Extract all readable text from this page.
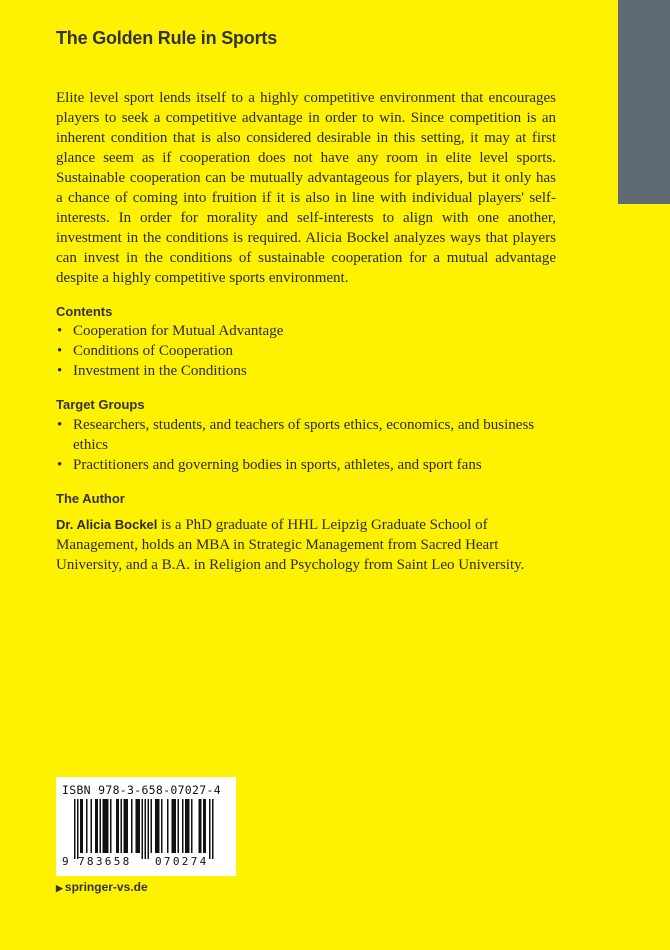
The Golden Rule in Sports

Elite level sport lends itself to a highly competitive environment that encourages players to seek a competitive advantage in order to win. Since competition is an inherent condition that is also considered desirable in this setting, it may at first glance seem as if cooperation does not have any room in elite level sports. Sustainable cooperation can be mutually advantageous for players, but it only has a chance of coming into fruition if it is also in line with individual players' self-interests. In order for morality and self-interests to align with one another, investment in the conditions is required. Alicia Bockel analyzes ways that players can invest in the conditions of sustainable cooperation for a mutual advantage despite a highly competitive sports environment.

Contents
• Cooperation for Mutual Advantage
• Conditions of Cooperation
• Investment in the Conditions
Target Groups
• Researchers, students, and teachers of sports ethics, economics, and business ethics
• Practitioners and governing bodies in sports, athletes, and sport fans
The Author

Dr. Alicia Bockel is a PhD graduate of HHL Leipzig Graduate School of Management, holds an MBA in Strategic Management from Sacred Heart University, and a B.A. in Religion and Psychology from Saint Leo University.

ISBN 978-3-658-07027-4
9 783658 070274
▶ springer-vs.de
